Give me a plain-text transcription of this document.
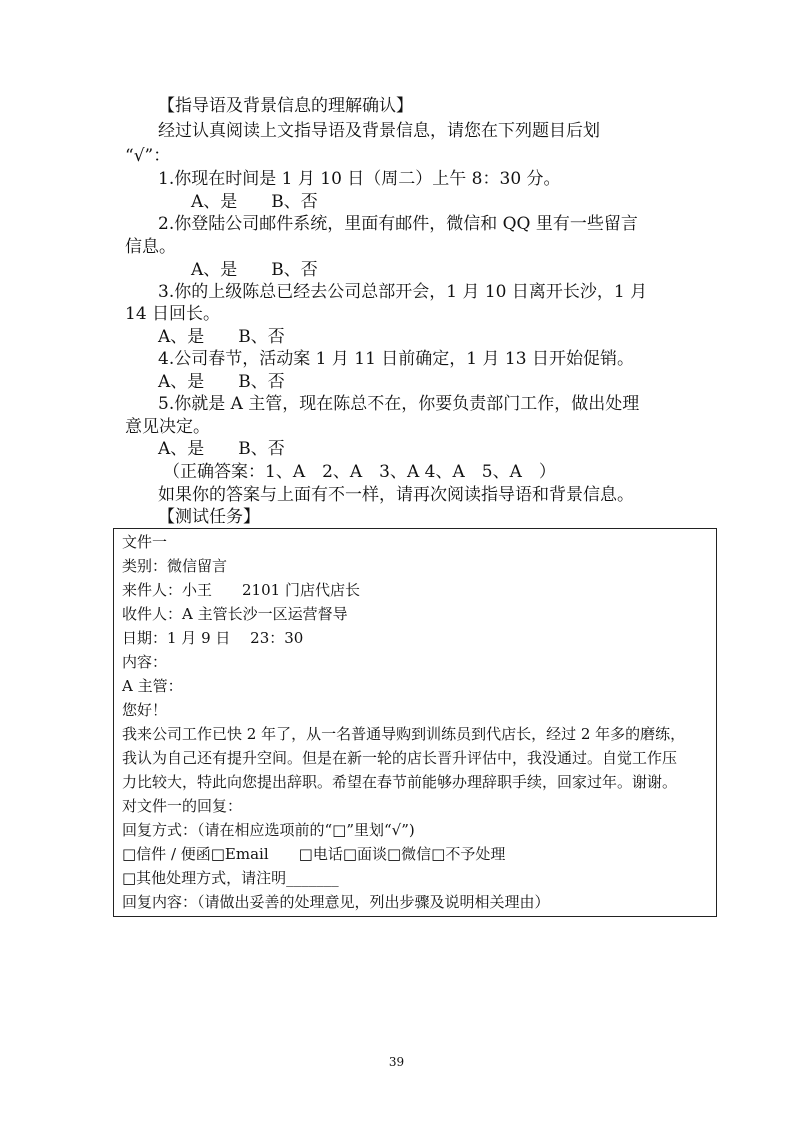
【指导语及背景信息的理解确认】
经过认真阅读上文指导语及背景信息，请您在下列题目后划
“√”：
1.你现在时间是 1 月 10 日（周二）上午 8：30 分。
A、是　　B、否
2.你登陆公司邮件系统，里面有邮件，微信和 QQ 里有一些留言
信息。
A、是　　B、否
3.你的上级陈总已经去公司总部开会，1 月 10 日离开长沙，1 月
14 日回长。
A、是　　B、否
4.公司春节，活动案 1 月 11 日前确定，1 月 13 日开始促销。
A、是　　B、否
5.你就是 A 主管，现在陈总不在，你要负责部门工作，做出处理
意见决定。
A、是　　B、否
（正确答案：1、A　2、A　3、A 4、A　5、A　）
如果你的答案与上面有不一样，请再次阅读指导语和背景信息。
【测试任务】
文件一
类别：微信留言
来件人：小王　　2101 门店代店长
收件人：A 主管长沙一区运营督导
日期：1 月 9 日　 23：30
内容：
A 主管：
您好！
我来公司工作已快 2 年了，从一名普通导购到训练员到代店长，经过 2 年多的磨练，
我认为自己还有提升空间。但是在新一轮的店长晋升评估中，我没通过。自觉工作压
力比较大，特此向您提出辞职。希望在春节前能够办理辞职手续，回家过年。谢谢。
对文件一的回复：
回复方式：（请在相应选项前的“□”里划“√”)
□信件 / 便函□Email　　□电话□面谈□微信□不予处理
□其他处理方式，请注明_______
回复内容：（请做出妥善的处理意见，列出步骤及说明相关理由）
39
